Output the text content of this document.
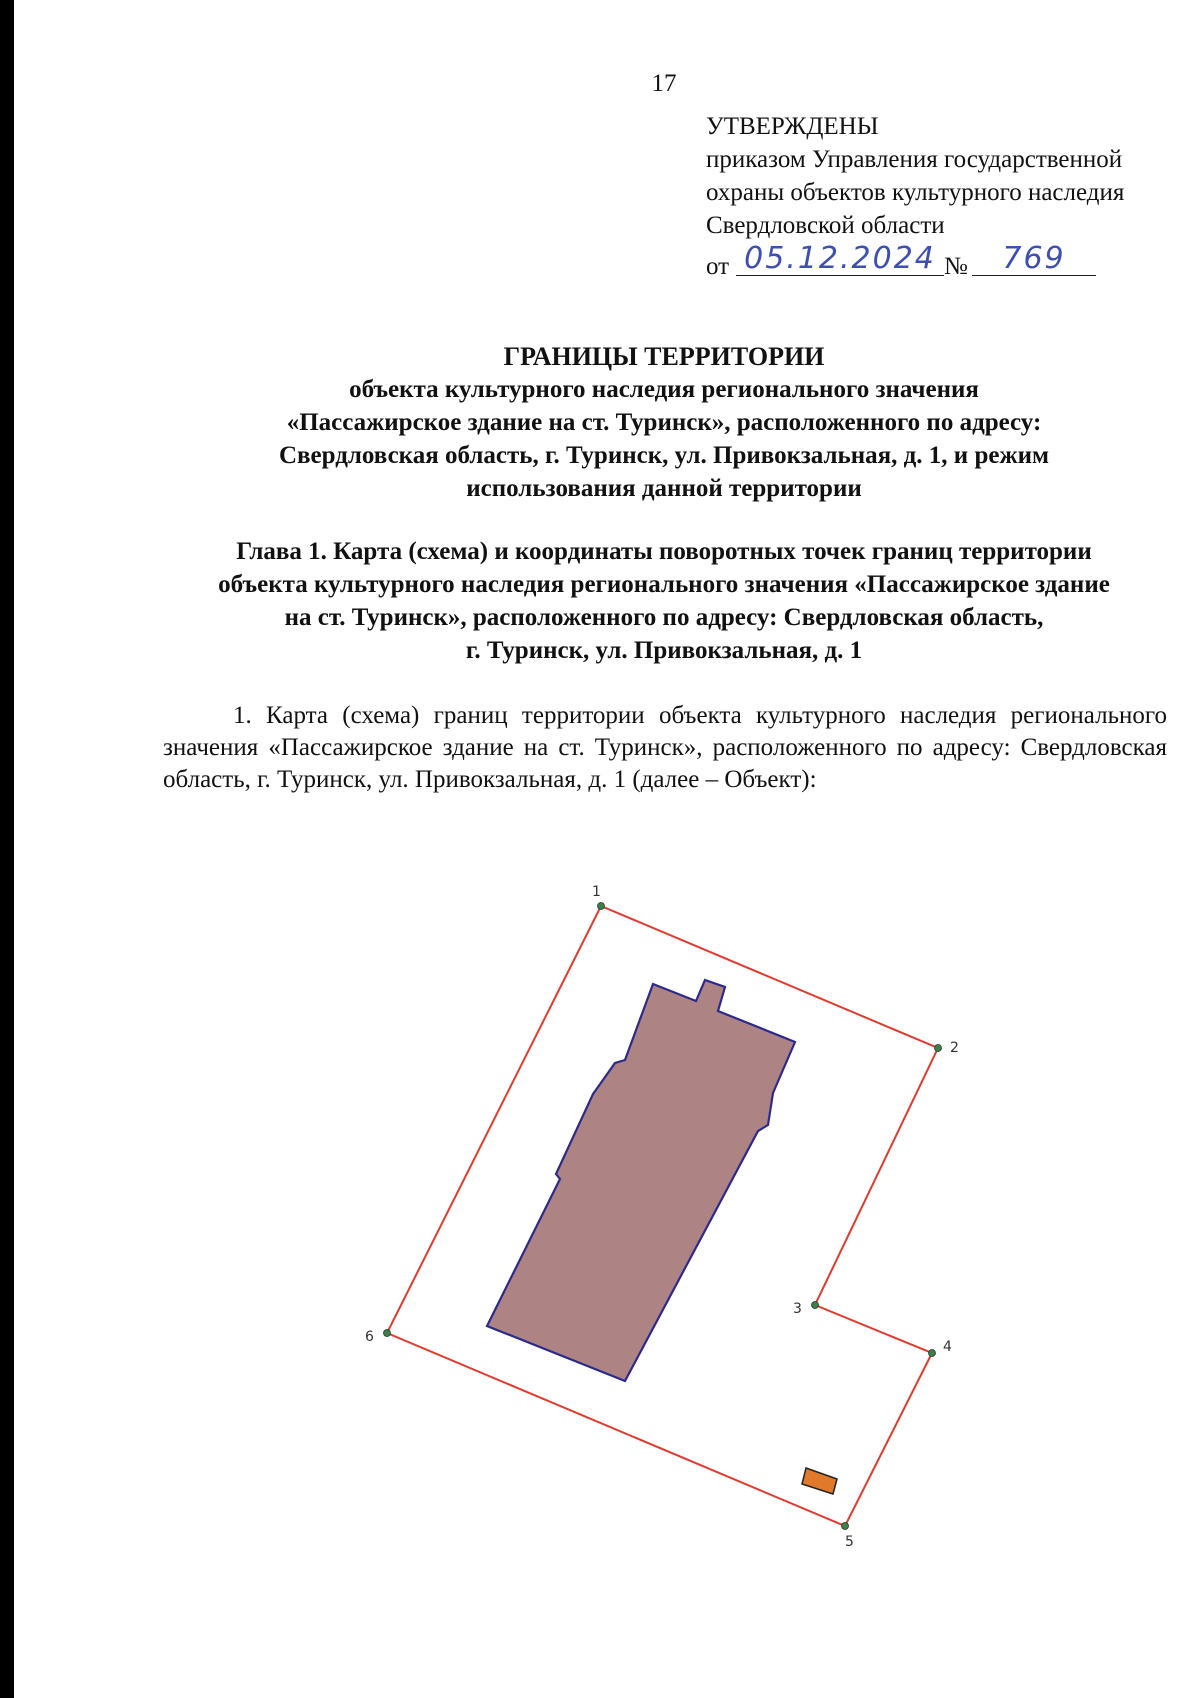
17
УТВЕРЖДЕНЫ
приказом Управления государственной
охраны объектов культурного наследия
Свердловской области
от 05.12.2024 №	769
ГРАНИЦЫ ТЕРРИТОРИИ
объекта культурного наследия регионального значения
«Пассажирское здание на ст. Туринск», расположенного по адресу:
Свердловская область, г. Туринск, ул. Привокзальная, д. 1, и режим
использования данной территории
Глава 1. Карта (схема) и координаты поворотных точек границ территории
объекта культурного наследия регионального значения «Пассажирское здание
на ст. Туринск», расположенного по адресу: Свердловская область,
г. Туринск, ул. Привокзальная, д. 1
1. Карта (схема) границ территории объекта культурного наследия регионального значения «Пассажирское здание на ст. Туринск», расположенного по адресу: Свердловская область, г. Туринск, ул. Привокзальная, д. 1 (далее – Объект):
1
2
3
4
5
6
